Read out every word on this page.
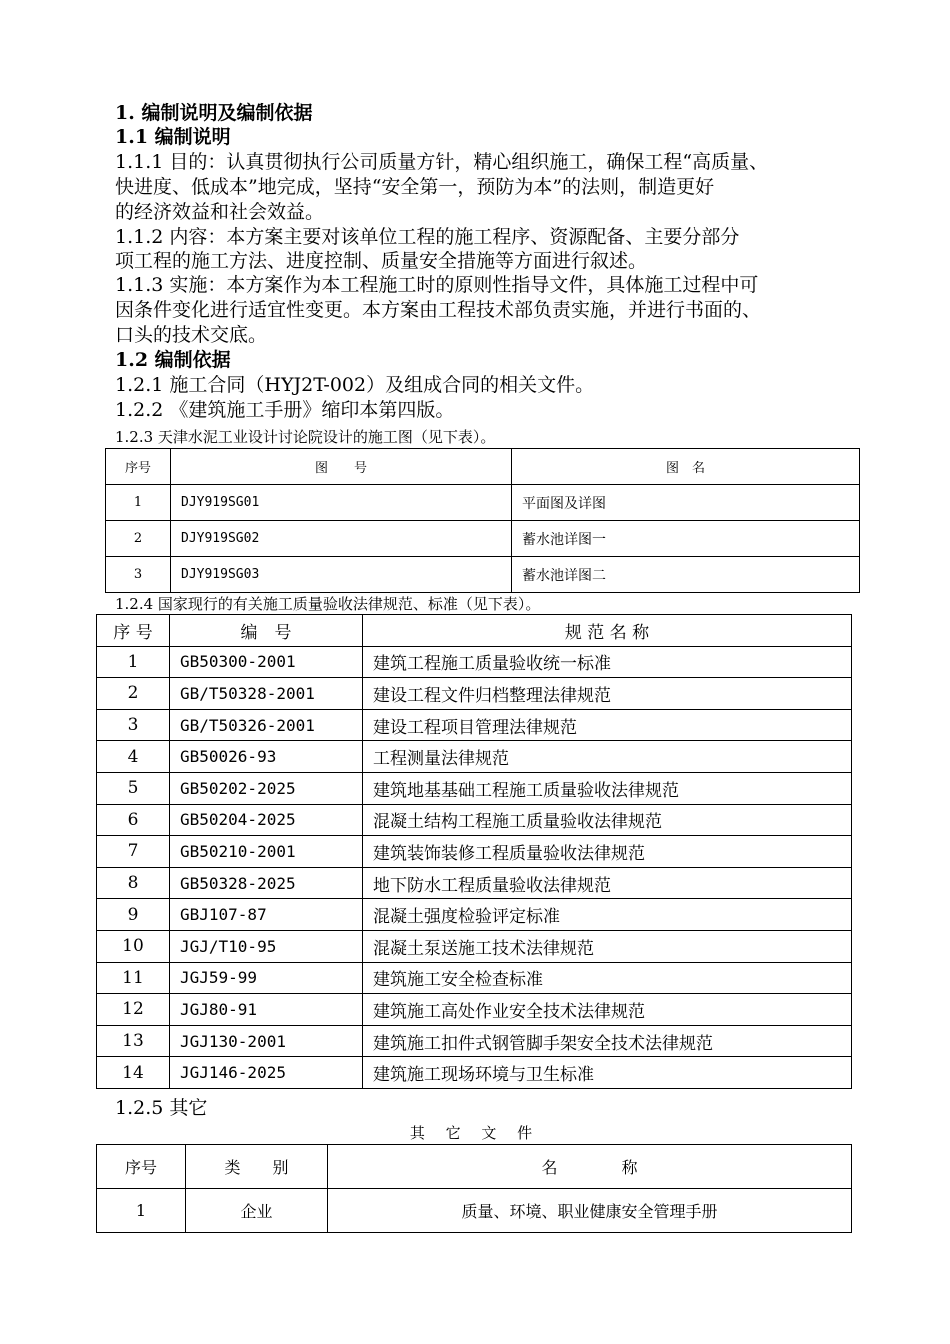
1. 编制说明及编制依据
1.1 编制说明
1.1.1 目的：认真贯彻执行公司质量方针，精心组织施工，确保工程“高质量、
快进度、低成本”地完成，坚持“安全第一，预防为本”的法则，制造更好
的经济效益和社会效益。
1.1.2 内容：本方案主要对该单位工程的施工程序、资源配备、主要分部分
项工程的施工方法、进度控制、质量安全措施等方面进行叙述。
1.1.3 实施：本方案作为本工程施工时的原则性指导文件，具体施工过程中可
因条件变化进行适宜性变更。本方案由工程技术部负责实施，并进行书面的、
口头的技术交底。
1.2 编制依据
1.2.1 施工合同（HYJ2T-002）及组成合同的相关文件。
1.2.2 《建筑施工手册》缩印本第四版。
1.2.3 天津水泥工业设计讨论院设计的施工图（见下表）。
序号	图　　号	图　名
1	DJY919SG01	平面图及详图
2	DJY919SG02	蓄水池详图一
3	DJY919SG03	蓄水池详图二
1.2.4 国家现行的有关施工质量验收法律规范、标准（见下表）。
序 号	编　号	规 范 名 称
1	GB50300-2001	建筑工程施工质量验收统一标准
2	GB/T50328-2001	建设工程文件归档整理法律规范
3	GB/T50326-2001	建设工程项目管理法律规范
4	GB50026-93	工程测量法律规范
5	GB50202-2025	建筑地基基础工程施工质量验收法律规范
6	GB50204-2025	混凝土结构工程施工质量验收法律规范
7	GB50210-2001	建筑装饰装修工程质量验收法律规范
8	GB50328-2025	地下防水工程质量验收法律规范
9	GBJ107-87	混凝土强度检验评定标准
10	JGJ/T10-95	混凝土泵送施工技术法律规范
11	JGJ59-99	建筑施工安全检查标准
12	JGJ80-91	建筑施工高处作业安全技术法律规范
13	JGJ130-2001	建筑施工扣件式钢管脚手架安全技术法律规范
14	JGJ146-2025	建筑施工现场环境与卫生标准
1.2.5 其它
其 它 文 件
序号	类　　别	名　　　　称
1	企业	质量、环境、职业健康安全管理手册
